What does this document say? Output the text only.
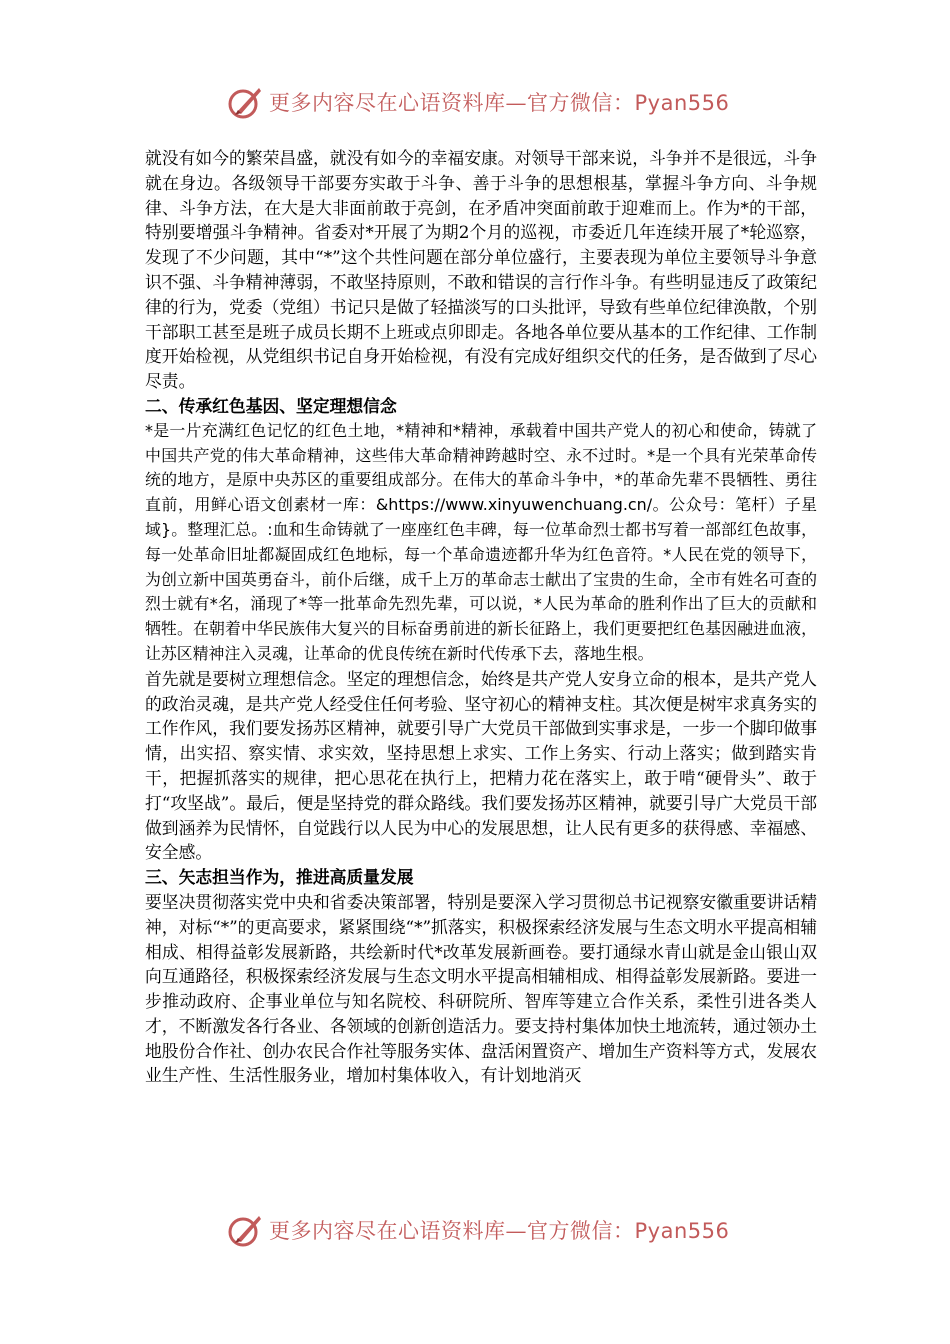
更多内容尽在心语资料库—官方微信：Pyan556

就没有如今的繁荣昌盛，就没有如今的幸福安康。对领导干部来说，斗争并不是很远，斗争就在身边。各级领导干部要夯实敢于斗争、善于斗争的思想根基，掌握斗争方向、斗争规律、斗争方法，在大是大非面前敢于亮剑，在矛盾冲突面前敢于迎难而上。作为*的干部，特别要增强斗争精神。省委对*开展了为期2个月的巡视，市委近几年连续开展了*轮巡察，发现了不少问题，其中“*”这个共性问题在部分单位盛行，主要表现为单位主要领导斗争意识不强、斗争精神薄弱，不敢坚持原则，不敢和错误的言行作斗争。有些明显违反了政策纪律的行为，党委（党组）书记只是做了轻描淡写的口头批评，导致有些单位纪律涣散，个别干部职工甚至是班子成员长期不上班或点卯即走。各地各单位要从基本的工作纪律、工作制度开始检视，从党组织书记自身开始检视，有没有完成好组织交代的任务，是否做到了尽心尽责。

二、传承红色基因、坚定理想信念

*是一片充满红色记忆的红色土地，*精神和*精神，承载着中国共产党人的初心和使命，铸就了中国共产党的伟大革命精神，这些伟大革命精神跨越时空、永不过时。*是一个具有光荣革命传统的地方，是原中央苏区的重要组成部分。在伟大的革命斗争中，*的革命先辈不畏牺牲、勇往直前，用鲜心语文创素材一库：&https://www.xinyuwenchuang.cn/。公众号：笔杆）子星域}。整理汇总。:血和生命铸就了一座座红色丰碑，每一位革命烈士都书写着一部部红色故事，每一处革命旧址都凝固成红色地标，每一个革命遗迹都升华为红色音符。*人民在党的领导下，为创立新中国英勇奋斗，前仆后继，成千上万的革命志士献出了宝贵的生命，全市有姓名可查的烈士就有*名，涌现了*等一批革命先烈先辈，可以说，*人民为革命的胜利作出了巨大的贡献和牺牲。在朝着中华民族伟大复兴的目标奋勇前进的新长征路上，我们更要把红色基因融进血液，让苏区精神注入灵魂，让革命的优良传统在新时代传承下去，落地生根。

首先就是要树立理想信念。坚定的理想信念，始终是共产党人安身立命的根本，是共产党人的政治灵魂，是共产党人经受住任何考验、坚守初心的精神支柱。其次便是树牢求真务实的工作作风，我们要发扬苏区精神，就要引导广大党员干部做到实事求是，一步一个脚印做事情，出实招、察实情、求实效，坚持思想上求实、工作上务实、行动上落实；做到踏实肯干，把握抓落实的规律，把心思花在执行上，把精力花在落实上，敢于啃“硬骨头”、敢于打“攻坚战”。最后，便是坚持党的群众路线。我们要发扬苏区精神，就要引导广大党员干部做到涵养为民情怀，自觉践行以人民为中心的发展思想，让人民有更多的获得感、幸福感、安全感。

三、矢志担当作为，推进高质量发展

要坚决贯彻落实党中央和省委决策部署，特别是要深入学习贯彻总书记视察安徽重要讲话精神，对标“*”的更高要求，紧紧围绕“*”抓落实，积极探索经济发展与生态文明水平提高相辅相成、相得益彰发展新路，共绘新时代*改革发展新画卷。要打通绿水青山就是金山银山双向互通路径，积极探索经济发展与生态文明水平提高相辅相成、相得益彰发展新路。要进一步推动政府、企事业单位与知名院校、科研院所、智库等建立合作关系，柔性引进各类人才，不断激发各行各业、各领域的创新创造活力。要支持村集体加快土地流转，通过领办土地股份合作社、创办农民合作社等服务实体、盘活闲置资产、增加生产资料等方式，发展农业生产性、生活性服务业，增加村集体收入，有计划地消灭

更多内容尽在心语资料库—官方微信：Pyan556
